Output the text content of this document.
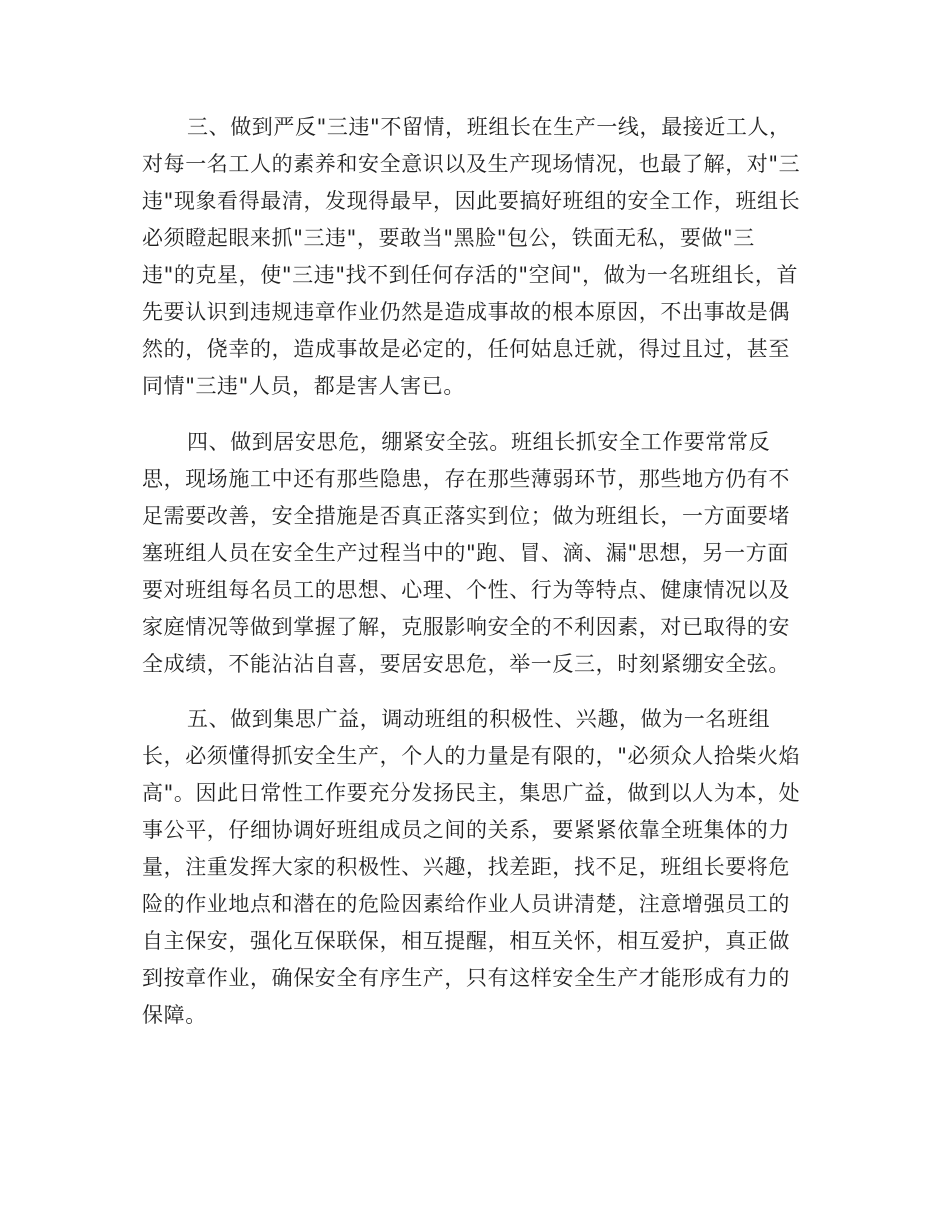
三、做到严反"三违"不留情，班组长在生产一线，最接近工人，
对每一名工人的素养和安全意识以及生产现场情况，也最了解，对"三
违"现象看得最清，发现得最早，因此要搞好班组的安全工作，班组长
必须瞪起眼来抓"三违"，要敢当"黑脸"包公，铁面无私，要做"三
违"的克星，使"三违"找不到任何存活的"空间"，做为一名班组长，首
先要认识到违规违章作业仍然是造成事故的根本原因，不出事故是偶
然的，侥幸的，造成事故是必定的，任何姑息迁就，得过且过，甚至
同情"三违"人员，都是害人害已。
四、做到居安思危，绷紧安全弦。班组长抓安全工作要常常反
思，现场施工中还有那些隐患，存在那些薄弱环节，那些地方仍有不
足需要改善，安全措施是否真正落实到位；做为班组长，一方面要堵
塞班组人员在安全生产过程当中的"跑、冒、滴、漏"思想，另一方面
要对班组每名员工的思想、心理、个性、行为等特点、健康情况以及
家庭情况等做到掌握了解，克服影响安全的不利因素，对已取得的安
全成绩，不能沾沾自喜，要居安思危，举一反三，时刻紧绷安全弦。
五、做到集思广益，调动班组的积极性、兴趣，做为一名班组
长，必须懂得抓安全生产，个人的力量是有限的，"必须众人拾柴火焰
高"。因此日常性工作要充分发扬民主，集思广益，做到以人为本，处
事公平，仔细协调好班组成员之间的关系，要紧紧依靠全班集体的力
量，注重发挥大家的积极性、兴趣，找差距，找不足，班组长要将危
险的作业地点和潜在的危险因素给作业人员讲清楚，注意增强员工的
自主保安，强化互保联保，相互提醒，相互关怀，相互爱护，真正做
到按章作业，确保安全有序生产，只有这样安全生产才能形成有力的
保障。
